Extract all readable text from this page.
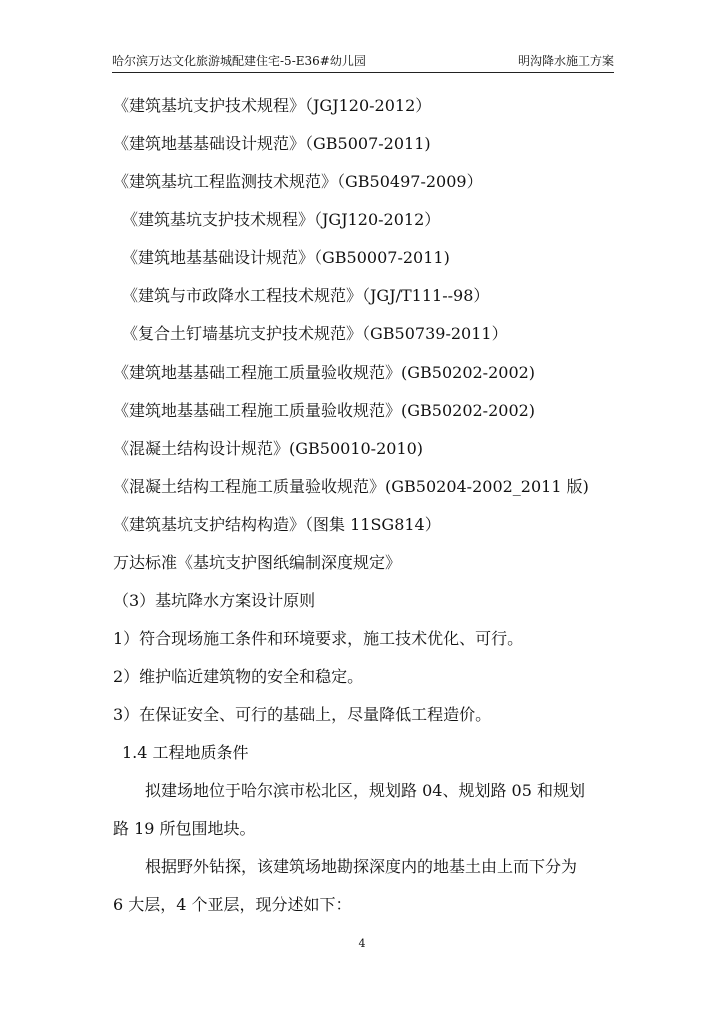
哈尔滨万达文化旅游城配建住宅-5-E36#幼儿园	明沟降水施工方案
《建筑基坑支护技术规程》（JGJ120-2012）
《建筑地基基础设计规范》（GB5007-2011)
《建筑基坑工程监测技术规范》（GB50497-2009）
《建筑基坑支护技术规程》（JGJ120-2012）
《建筑地基基础设计规范》（GB50007-2011)
《建筑与市政降水工程技术规范》（JGJ/T111--98）
《复合土钉墙基坑支护技术规范》（GB50739-2011）
《建筑地基基础工程施工质量验收规范》(GB50202-2002)
《建筑地基基础工程施工质量验收规范》(GB50202-2002)
《混凝土结构设计规范》(GB50010-2010)
《混凝土结构工程施工质量验收规范》(GB50204-2002_2011 版)
《建筑基坑支护结构构造》（图集 11SG814）
万达标准《基坑支护图纸编制深度规定》
（3）基坑降水方案设计原则
1）符合现场施工条件和环境要求，施工技术优化、可行。
2）维护临近建筑物的安全和稳定。
3）在保证安全、可行的基础上，尽量降低工程造价。
1.4 工程地质条件
拟建场地位于哈尔滨市松北区，规划路 04、规划路 05 和规划
路 19 所包围地块。
根据野外钻探，该建筑场地勘探深度内的地基土由上而下分为
6 大层，4 个亚层，现分述如下：
4
